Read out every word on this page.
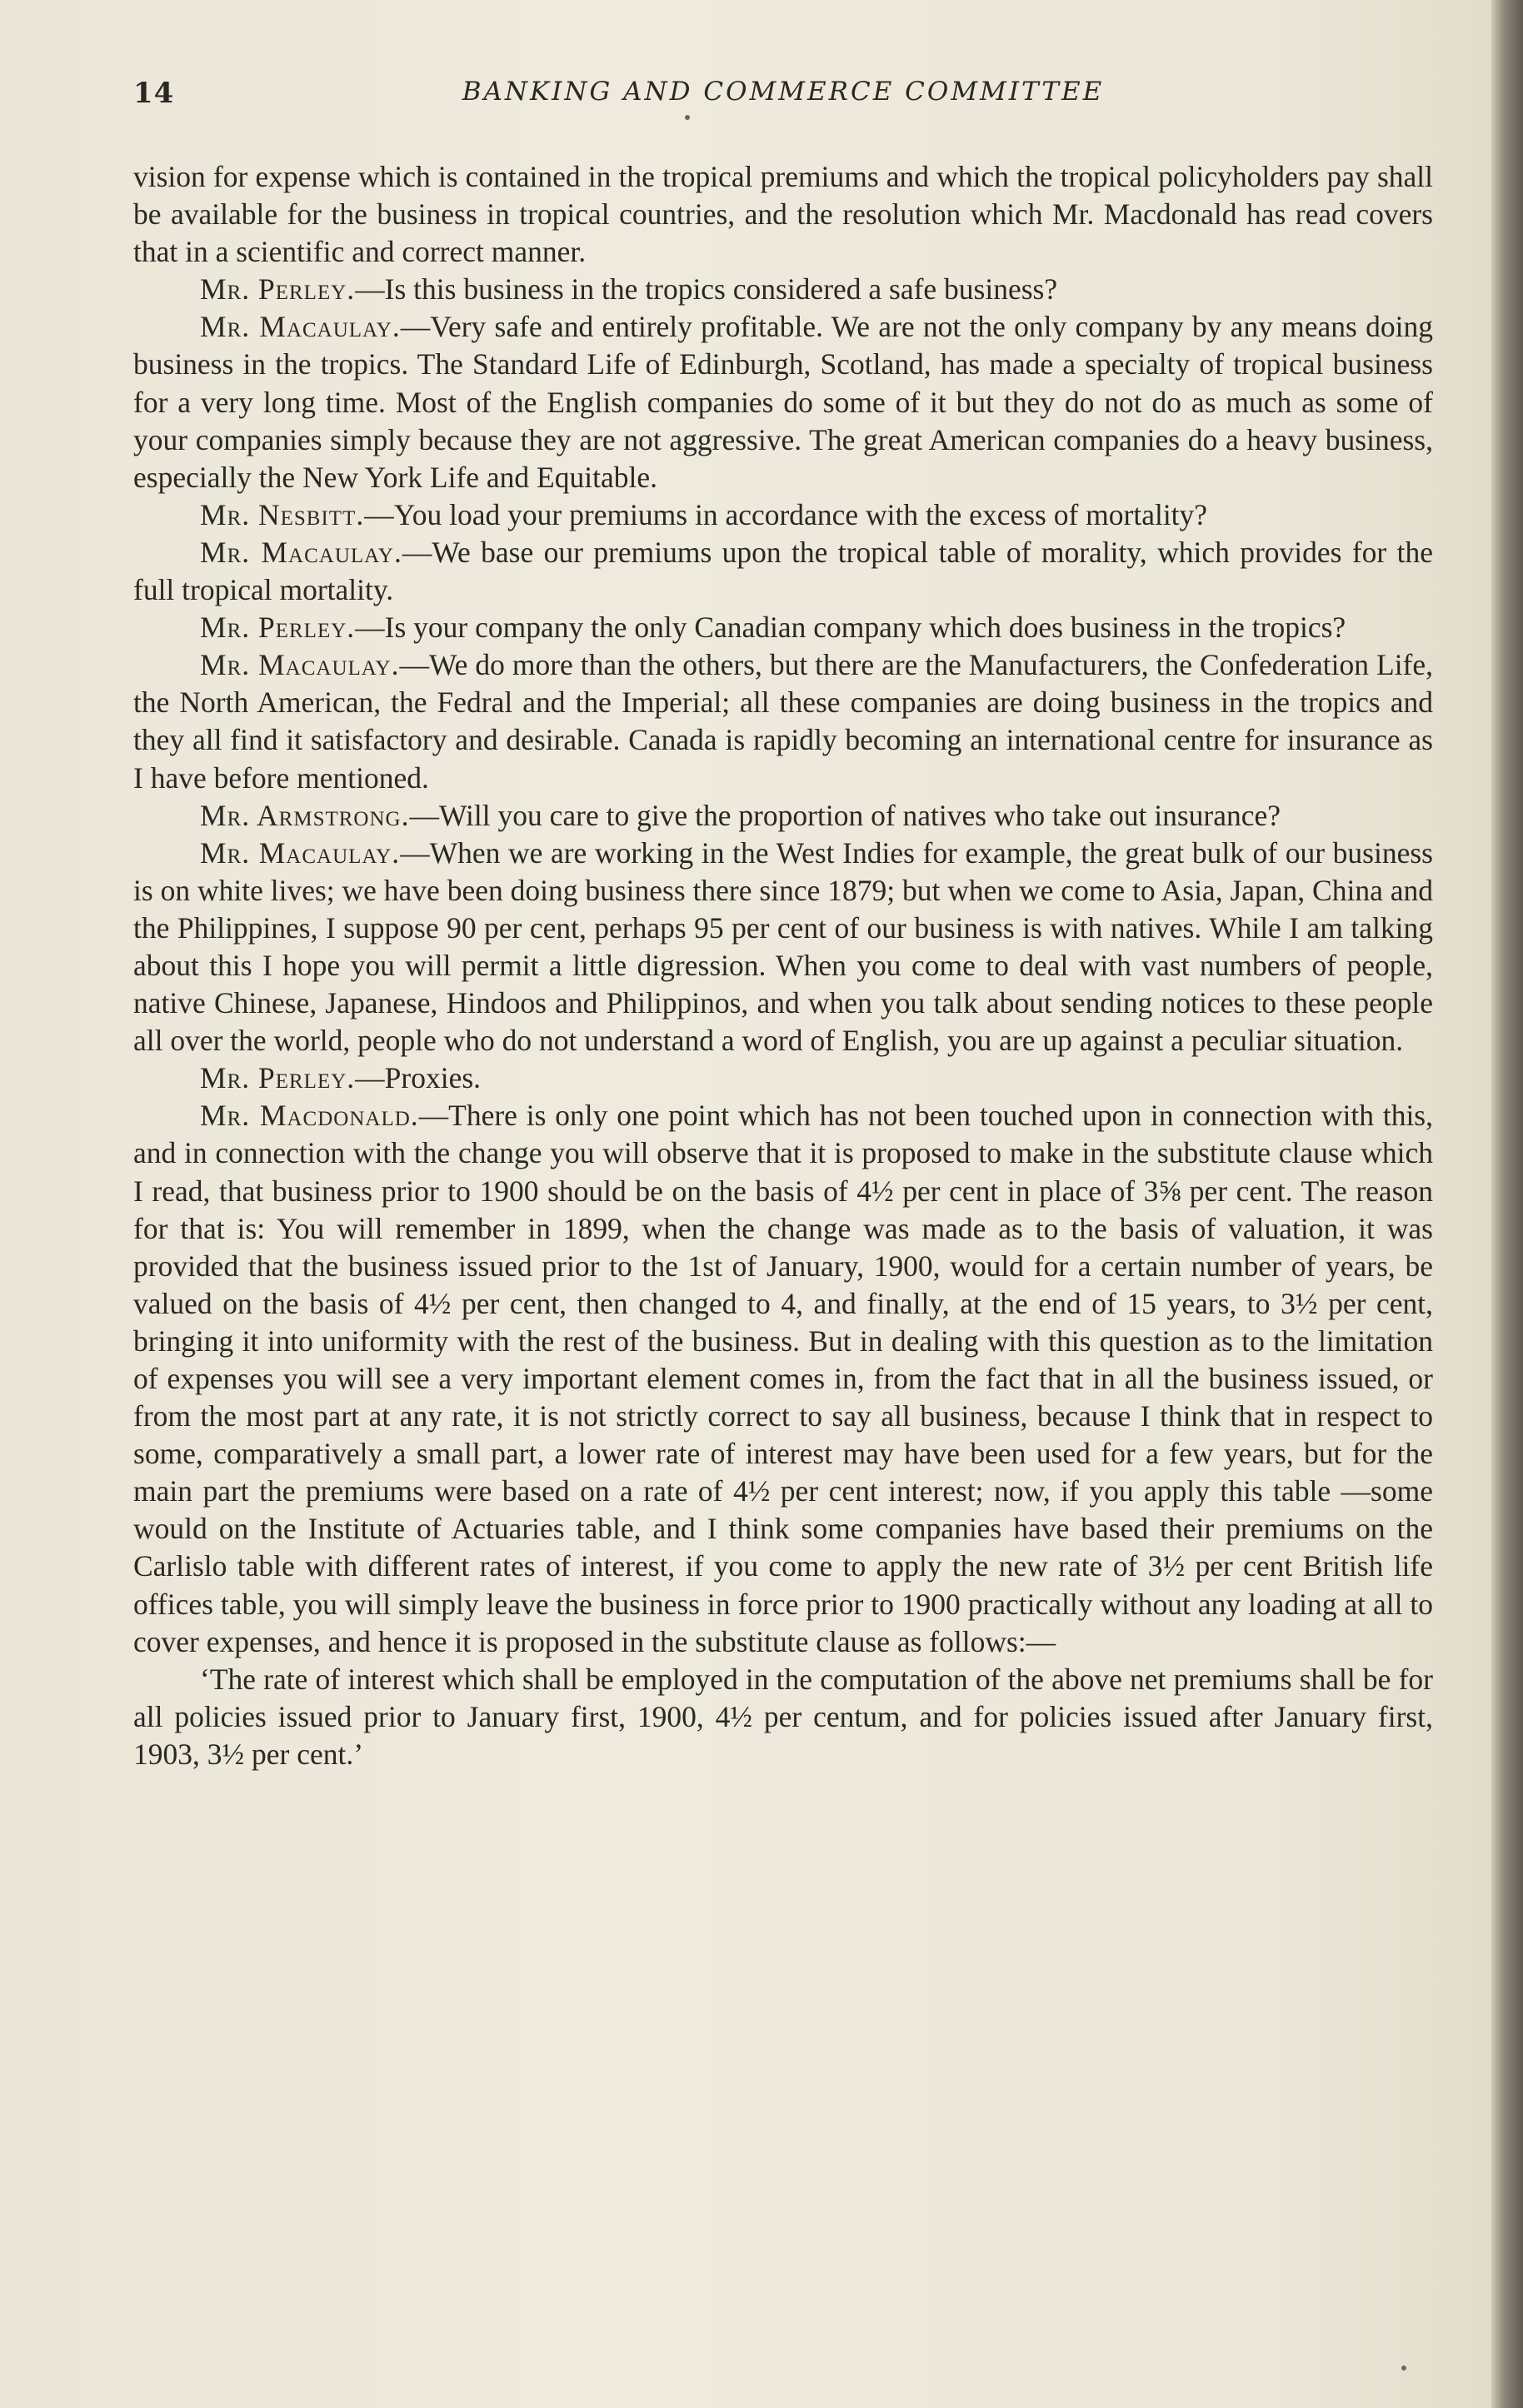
14	BANKING AND COMMERCE COMMITTEE

vision for expense which is contained in the tropical premiums and which the tropical policyholders pay shall be available for the business in tropical countries, and the resolution which Mr. Macdonald has read covers that in a scientific and correct manner.

Mr. Perley.—Is this business in the tropics considered a safe business?

Mr. Macaulay.—Very safe and entirely profitable. We are not the only company by any means doing business in the tropics. The Standard Life of Edinburgh, Scotland, has made a specialty of tropical business for a very long time. Most of the English companies do some of it but they do not do as much as some of your companies simply because they are not aggressive. The great American companies do a heavy business, especially the New York Life and Equitable.

Mr. Nesbitt.—You load your premiums in accordance with the excess of mortality?

Mr. Macaulay.—We base our premiums upon the tropical table of morality, which provides for the full tropical mortality.

Mr. Perley.—Is your company the only Canadian company which does business in the tropics?

Mr. Macaulay.—We do more than the others, but there are the Manufacturers, the Confederation Life, the North American, the Fedral and the Imperial; all these companies are doing business in the tropics and they all find it satisfactory and desirable. Canada is rapidly becoming an international centre for insurance as I have before mentioned.

Mr. Armstrong.—Will you care to give the proportion of natives who take out insurance?

Mr. Macaulay.—When we are working in the West Indies for example, the great bulk of our business is on white lives; we have been doing business there since 1879; but when we come to Asia, Japan, China and the Philippines, I suppose 90 per cent, perhaps 95 per cent of our business is with natives. While I am talking about this I hope you will permit a little digression. When you come to deal with vast numbers of people, native Chinese, Japanese, Hindoos and Philippinos, and when you talk about sending notices to these people all over the world, people who do not understand a word of English, you are up against a peculiar situation.

Mr. Perley.—Proxies.

Mr. Macdonald.—There is only one point which has not been touched upon in connection with this, and in connection with the change you will observe that it is proposed to make in the substitute clause which I read, that business prior to 1900 should be on the basis of 4½ per cent in place of 3⅝ per cent. The reason for that is: You will remember in 1899, when the change was made as to the basis of valuation, it was provided that the business issued prior to the 1st of January, 1900, would for a certain number of years, be valued on the basis of 4½ per cent, then changed to 4, and finally, at the end of 15 years, to 3½ per cent, bringing it into uniformity with the rest of the business. But in dealing with this question as to the limitation of expenses you will see a very important element comes in, from the fact that in all the business issued, or from the most part at any rate, it is not strictly correct to say all business, because I think that in respect to some, comparatively a small part, a lower rate of interest may have been used for a few years, but for the main part the premiums were based on a rate of 4½ per cent interest; now, if you apply this table —some would on the Institute of Actuaries table, and I think some companies have based their premiums on the Carlislo table with different rates of interest, if you come to apply the new rate of 3½ per cent British life offices table, you will simply leave the business in force prior to 1900 practically without any loading at all to cover expenses, and hence it is proposed in the substitute clause as follows:—

‘The rate of interest which shall be employed in the computation of the above net premiums shall be for all policies issued prior to January first, 1900, 4½ per centum, and for policies issued after January first, 1903, 3½ per cent.’
